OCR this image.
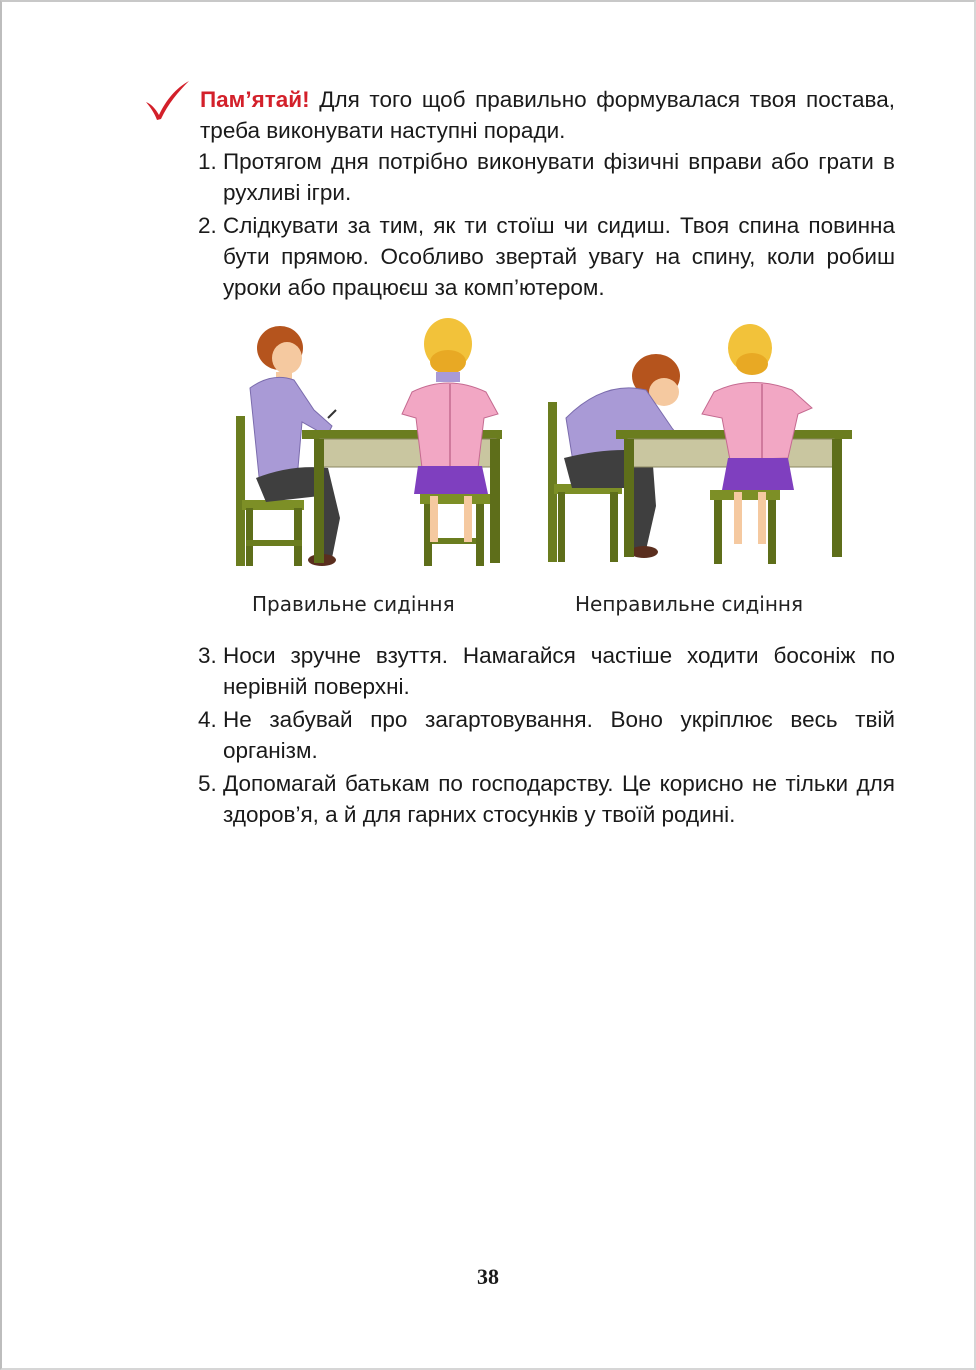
Пам’ятай! Для того щоб правильно формувалася твоя постава, треба виконувати наступні поради.

1. Протягом дня потрібно виконувати фізичні вправи або грати в рухливі ігри.
2. Слідкувати за тим, як ти стоїш чи сидиш. Твоя спина повинна бути прямою. Особливо звертай увагу на спину, коли робиш уроки або працюєш за комп’ютером.
Правильне сидіння	Неправильне сидіння
3. Носи зручне взуття. Намагайся частіше ходити босоніж по нерівній поверхні.
4. Не забувай про загартовування. Воно укріплює весь твій організм.
5. Допомагай батькам по господарству. Це корисно не тільки для здоров’я, а й для гарних стосунків у твоїй родині.
38
